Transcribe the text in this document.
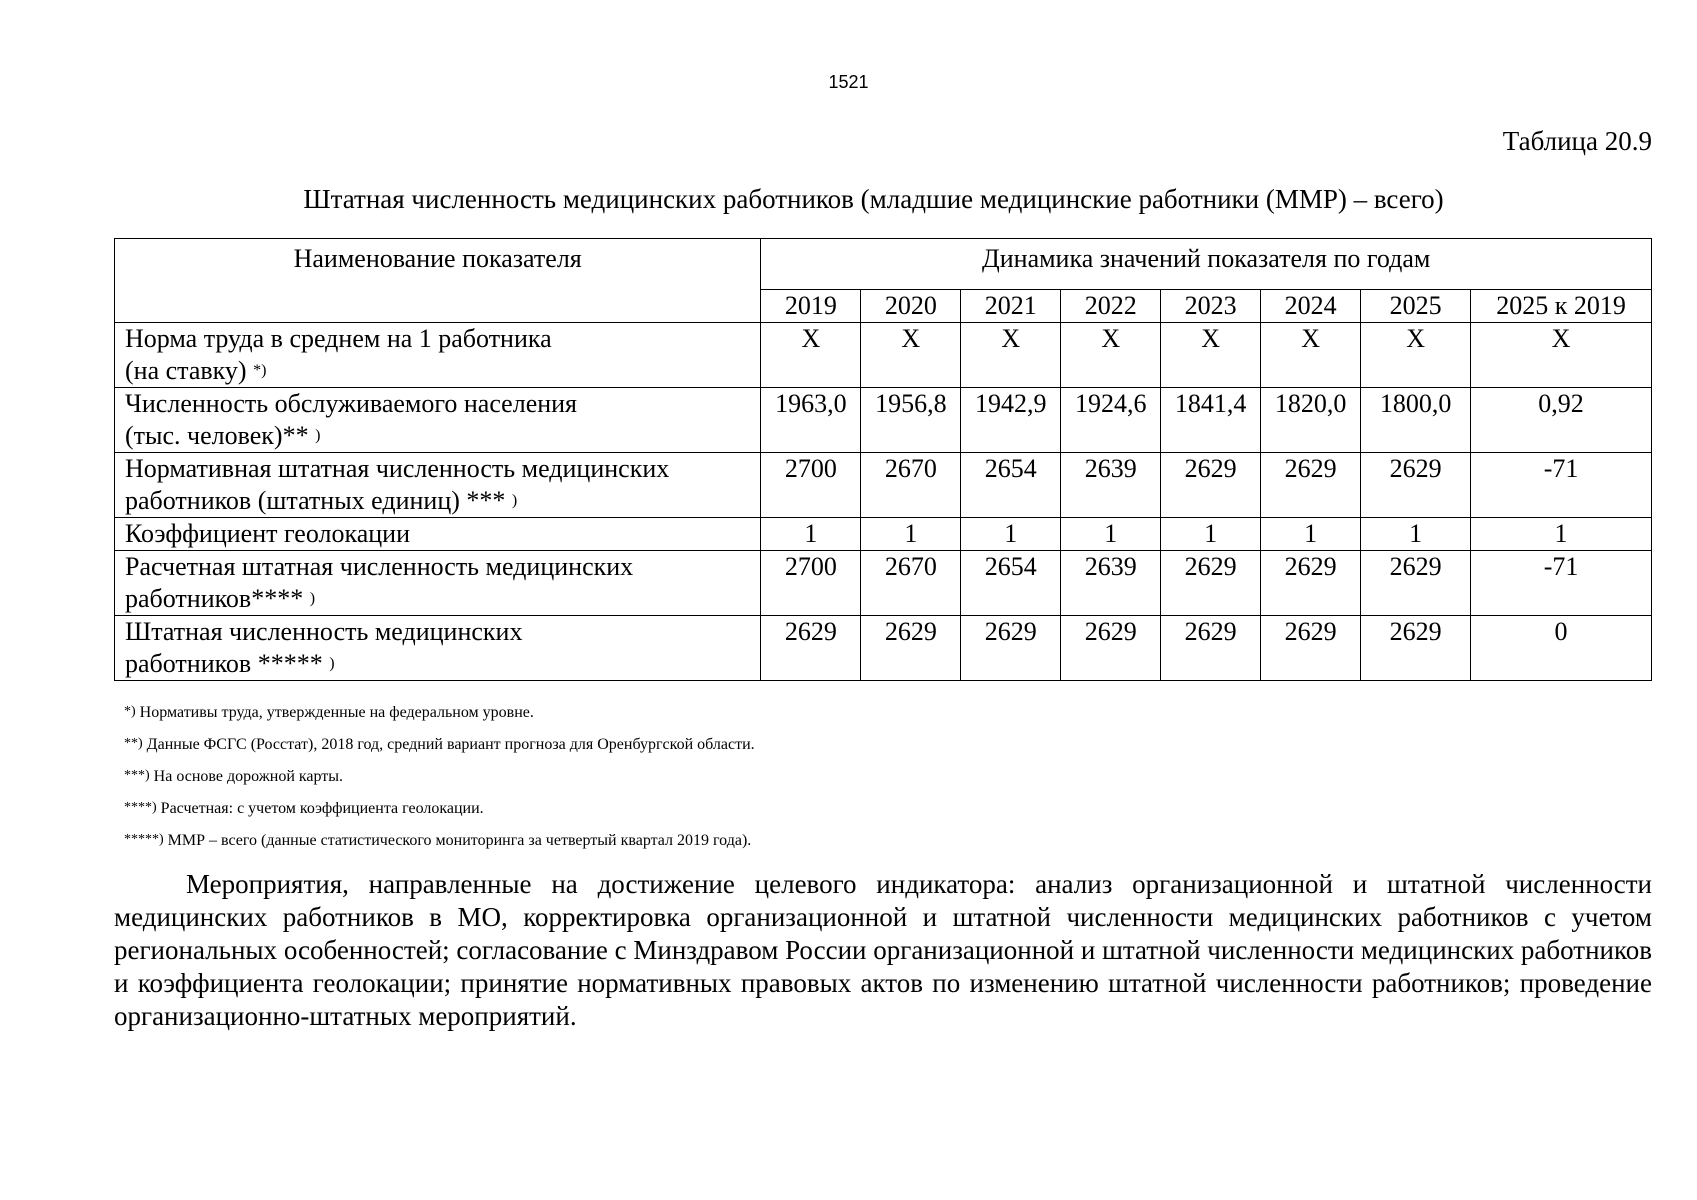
1521
Таблица 20.9
Штатная численность медицинских работников (младшие медицинские работники (ММР) – всего)
Наименование показателя	Динамика значений показателя по годам							
	2019	2020	2021	2022	2023	2024	2025	2025 к 2019

Норма труда в среднем на 1 работника
(на ставку) *)	Х	Х	Х	Х	Х	Х	Х	Х

Численность обслуживаемого населения
(тыс. человек)** )	1963,0	1956,8	1942,9	1924,6	1841,4	1820,0	1800,0	0,92

Нормативная штатная численность медицинских
работников (штатных единиц) *** )	2700	2670	2654	2639	2629	2629	2629	-71

Коэффициент геолокации	1	1	1	1	1	1	1	1

Расчетная штатная численность медицинских
работников**** )	2700	2670	2654	2639	2629	2629	2629	-71

Штатная численность медицинских
работников ***** )	2629	2629	2629	2629	2629	2629	2629	0
*) Нормативы труда, утвержденные на федеральном уровне.
**) Данные ФСГС (Росстат), 2018 год, средний вариант прогноза для Оренбургской области.
***) На основе дорожной карты.
****) Расчетная: с учетом коэффициента геолокации.
*****) ММР – всего (данные статистического мониторинга за четвертый квартал 2019 года).
Мероприятия, направленные на достижение целевого индикатора: анализ организационной и штатной численности медицинских работников в МО, корректировка организационной и штатной численности медицинских работников с учетом региональных особенностей; согласование с Минздравом России организационной и штатной численности медицинских работников и коэффициента геолокации; принятие нормативных правовых актов по изменению штатной численности работников; проведение организационно-штатных мероприятий.
